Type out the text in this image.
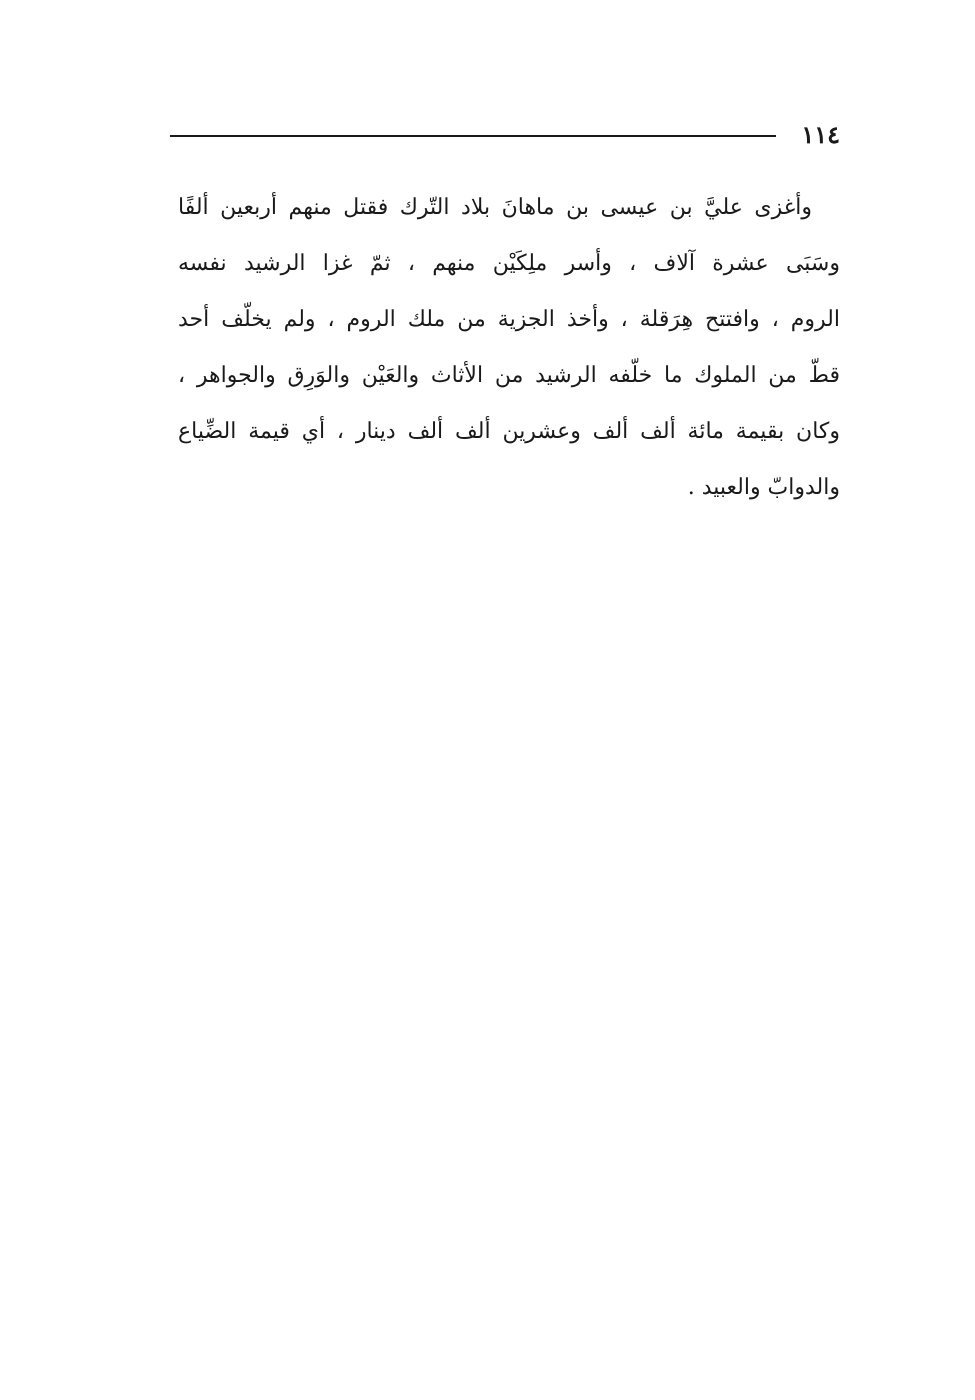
١١٤
وأغزى عليَّ بن عيسى بن ماهانَ بلاد التّرك فقتل منهم أربعين ألفًا
وسَبَى عشرة آلاف ، وأسر ملِكَيْن منهم ، ثمّ غزا الرشيد نفسه
الروم ، وافتتح هِرَقلة ، وأخذ الجزية من ملك الروم ، ولم يخلّف أحد
قطّ من الملوك ما خلّفه الرشيد من الأثاث والعَيْن والوَرِق والجواهر ،
وكان بقيمة مائة ألف ألف وعشرين ألف ألف دينار ، أي قيمة الضِّياع
والدوابّ والعبيد .
